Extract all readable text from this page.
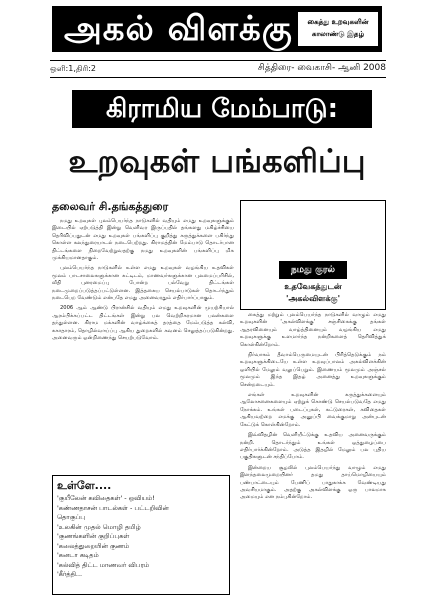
அகல் விளக்கு	கைத்து உறவுகளின் காலாண்டு இதழ்
ஒளி:1,திரி:2	சித்திரை- வைகாசி- ஆனி 2008
கிராமிய மேம்பாடு:
உறவுகள் பங்களிப்பு
தலைவர் சி.தங்கத்துரை

நமது உறவுகள் புலம்பெயர்ந்த நாடுகளில் வதியும் எமது உறவுகளுக்கும் இடையில் ஏற்படுத்தி இன்று வெளிவர இருப்பதில் தங்களது மகிழ்ச்சியை தெரிவிப்பதுடன் எமது உறவுகள் பங்களிப்பு குறித்து கருத்துக்களை பகிர்ந்து கொள்ள கலந்துரையாடல் நடைபெற்றது. கிராமத்தின் மேம்பாடு தொடர்பான திட்டங்களை நிறைவேற்றுவதற்கு நமது உறவுகளின் பங்களிப்பு மிக முக்கியமானதாகும்.

புலம்பெயர்ந்த நாடுகளில் உள்ள எமது உறவுகள் வழங்கிய உதவிகள் மூலம் பாடசாலைகளுக்கான கட்டிடம், மாணவர்களுக்கான புலமைப்பரிசில், வீதி புனரமைப்பு போன்ற பல்வேறு திட்டங்கள் நடைமுறைப்படுத்தப்பட்டுள்ளன. இத்தகைய செயல்பாடுகள் தொடர்ந்தும் நடைபெற வேண்டும் என்பதே எமது அனைவரதும் எதிர்பார்ப்பாகும்.

2006 ஆம் ஆண்டு பிரான்சில் வதியும் எமது உறவுகளின் முயற்சியால் ஆரம்பிக்கப்பட்ட திட்டங்கள் இன்று பல வெற்றிகரமான பலன்களை தந்துள்ளன. கிராம மக்களின் வாழ்க்கைத் தரத்தை மேம்படுத்த கல்வி, சுகாதாரம், தொழில்வாய்ப்பு ஆகிய துறைகளில் கவனம் செலுத்தப்படுகின்றது. அனைவரும் ஒன்றிணைந்து செயற்படுவோம்.

உள்ளே....
'குயீலேன் கவிதைகள்' - ஒவியம்!
'கண்ணதாசன் பாடல்கள் - பட்டறிவின்
தொகுப்பு
'உலகின் முதல் மொழி தமிழ்
'குணங்களின் குறிப்புகள்
'கலைத்துறையின் குணம்
'கனடா கடிதம்
'கல்வித் திட்ட மாணவர் விபரம்
'கீர்த்தி...
நமது குரல்
உதவேகத்துடன்
'அகல்விளக்கு'

கைத்து மற்றும் புலம்பெயர்ந்த நாடுகளில் வாழும் எமது உறவுகளின் 'அகல்விளக்கு' சஞ்சிகைக்கு தங்கள் ஆதரவினையும் வாழ்த்தினையும் வழங்கிய எமது உறவுகளுக்கு உளமார்ந்த நன்றிகளைத் தெரிவித்துக் கொள்கின்றோம்.

நிர்வாகம் தீவாம்பெருமையுடன் பிரித்தெடுக்கும் நம் உறவுகளுக்கிடையே உள்ள உறவுப்பாலம் அகல்விளக்கின் ஒளியில் மேலும் வலுப்பெறும். இணையம் மூலமும் அஞ்சல் மூலமும் இந்த இதழ் அனைத்து உறவுகளுக்கும் சென்றடையும்.

எங்கள் உறவுகளின் கருத்துக்களையும் ஆலோசனைகளையும் ஏற்றுக் கொண்டு செயல்படுவதே எமது நோக்கம். உங்கள் படைப்புகள், கட்டுரைகள், கவிதைகள் ஆகியவற்றை எமக்கு அனுப்பி வைக்குமாறு அன்புடன் கேட்டுக் கொள்கின்றோம்.

இவ்விதழின் வெளியீட்டுக்கு உதவிய அனைவருக்கும் நன்றி. தொடர்ந்தும் உங்கள் ஒத்துழைப்பை எதிர்பார்க்கின்றோம். அடுத்த இதழில் மேலும் பல புதிய பகுதிகளுடன் சந்திப்போம்.

இன்றைய சூழலில் புலம்பெயர்ந்து வாழும் எமது இளந்தலைமுறையினர் தமது தாய்மொழியையும் பண்பாட்டையும் பேணிப் பாதுகாக்க வேண்டியது அவசியமாகும். அதற்கு அகல்விளக்கு ஒரு பாலமாக அமையும் என நம்புகின்றோம்.
